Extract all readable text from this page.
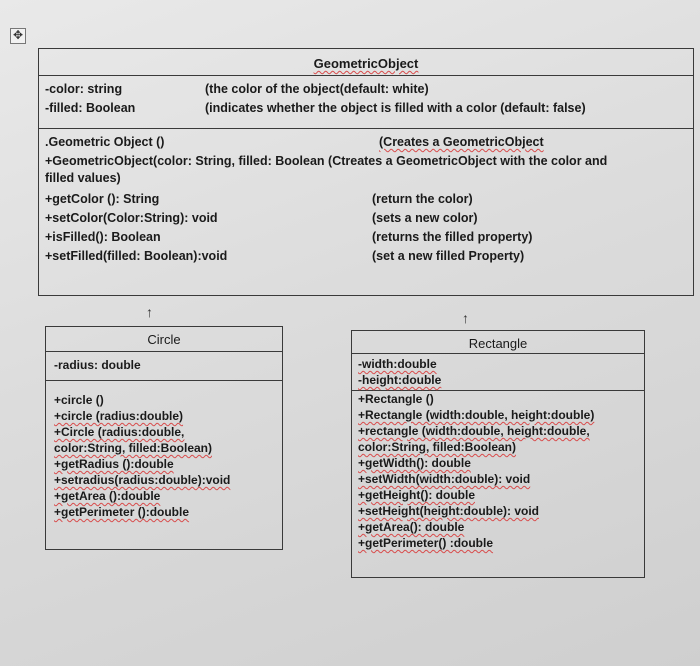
✥
GeometricObject
-color: string	(the color of the object(default: white)
-filled: Boolean	(indicates whether the object is filled with a color (default: false)
.Geometric Object ()	(Creates a GeometricObject
+GeometricObject(color: String, filled: Boolean (Ctreates a GeometricObject with the color and
filled values)
+getColor (): String	(return the color)
+setColor(Color:String): void	(sets a new color)
+isFilled(): Boolean	(returns the filled property)
+setFilled(filled: Boolean):void	(set a new filled Property)
↑	↑
Circle
-radius: double
+circle ()
+circle (radius:double)
+Circle (radius:double,
color:String, filled:Boolean)
+getRadius ():double
+setradius(radius:double):void
+getArea ():double
+getPerimeter ():double
Rectangle
-width:double
-height:double
+Rectangle ()
+Rectangle (width:double, height:double)
+rectangle (width:double, height:double,
color:String, filled:Boolean)
+getWidth(): double
+setWidth(width:double): void
+getHeight(): double
+setHeight(height:double): void
+getArea(): double
+getPerimeter() :double
